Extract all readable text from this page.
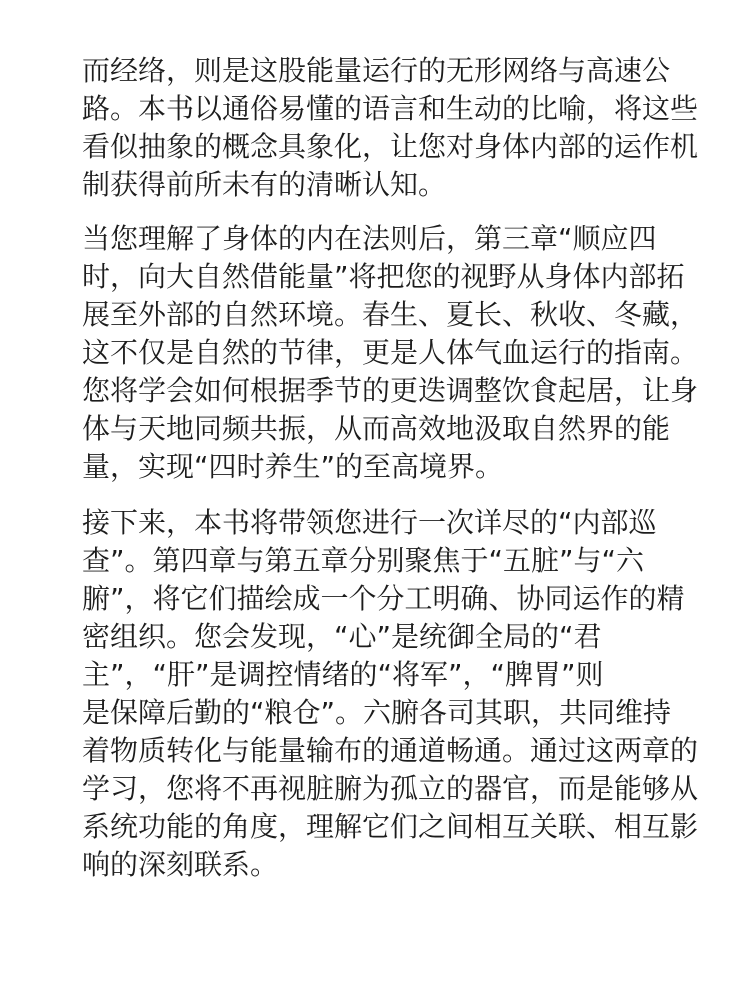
而经络，则是这股能量运行的无形网络与高速公
路。本书以通俗易懂的语言和生动的比喻，将这些
看似抽象的概念具象化，让您对身体内部的运作机
制获得前所未有的清晰认知。

当您理解了身体的内在法则后，第三章“顺应四
时，向大自然借能量”将把您的视野从身体内部拓
展至外部的自然环境。春生、夏长、秋收、冬藏，
这不仅是自然的节律，更是人体气血运行的指南。
您将学会如何根据季节的更迭调整饮食起居，让身
体与天地同频共振，从而高效地汲取自然界的能
量，实现“四时养生”的至高境界。

接下来，本书将带领您进行一次详尽的“内部巡
查”。第四章与第五章分别聚焦于“五脏”与“六
腑”，将它们描绘成一个分工明确、协同运作的精
密组织。您会发现，“心”是统御全局的“君
主”，“肝”是调控情绪的“将军”，“脾胃”则
是保障后勤的“粮仓”。六腑各司其职，共同维持
着物质转化与能量输布的通道畅通。通过这两章的
学习，您将不再视脏腑为孤立的器官，而是能够从
系统功能的角度，理解它们之间相互关联、相互影
响的深刻联系。
